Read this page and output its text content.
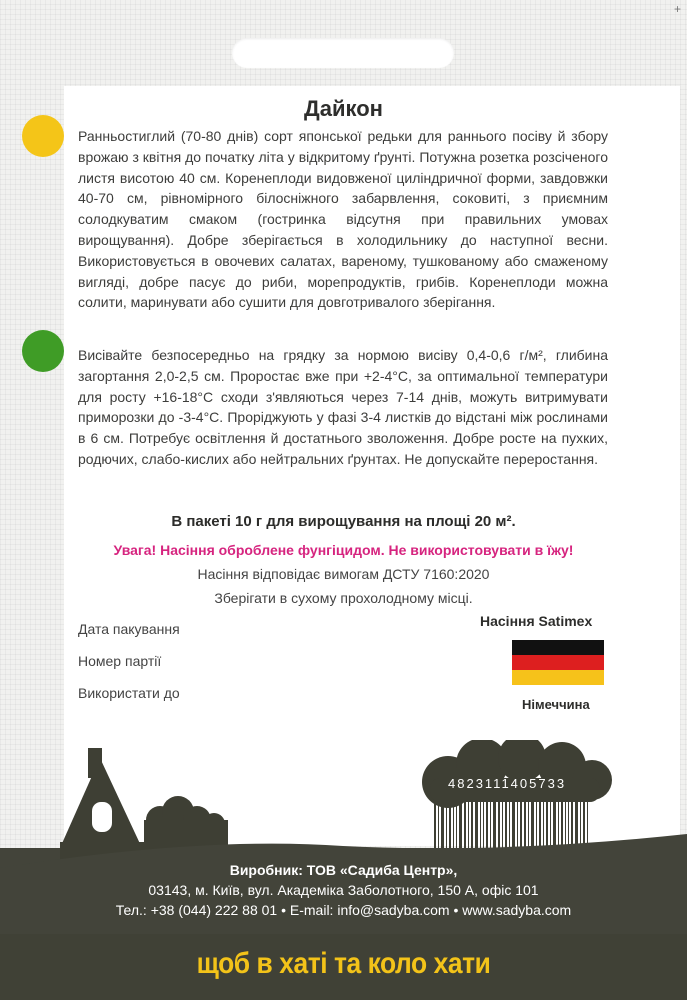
Дайкон
Ранньостиглий (70-80 днів) сорт японської редьки для раннього посіву й збору врожаю з квітня до початку літа у відкритому ґрунті. Потужна розетка розсіченого листя висотою 40 см. Коренеплоди видовженої циліндричної форми, завдовжки 40-70 см, рівномірного білосніжного забарвлення, соковиті, з приємним солодкуватим смаком (гостринка відсутня при правильних умовах вирощування). Добре зберігається в холодильнику до наступної весни. Використовується в овочевих салатах, вареному, тушкованому або смаженому вигляді, добре пасує до риби, морепродуктів, грибів. Коренеплоди можна солити, маринувати або сушити для довготривалого зберігання.
Висівайте безпосередньо на грядку за нормою висіву 0,4-0,6 г/м², глибина загортання 2,0-2,5 см. Проростає вже при +2-4°С, за оптимальної температури для росту +16-18°С сходи з'являються через 7-14 днів, можуть витримувати приморозки до -3-4°С. Проріджують у фазі 3-4 листків до відстані між рослинами в 6 см. Потребує освітлення й достатнього зволоження. Добре росте на пухких, родючих, слабо-кислих або нейтральних ґрунтах. Не допускайте переростання.
В пакеті 10 г для вирощування на площі 20 м².
Увага! Насіння оброблене фунгіцидом. Не використовувати в їжу!
Насіння відповідає вимогам ДСТУ 7160:2020
Зберігати в сухому прохолодному місці.
Дата пакування
Номер партії
Використати до
Насіння Satimex
Німеччина
4823111405733
Виробник: ТОВ «Садиба Центр»,
03143, м. Київ, вул. Академіка Заболотного, 150 А, офіс 101
Тел.: +38 (044) 222 88 01 • E-mail: info@sadyba.com • www.sadyba.com
щоб в хаті та коло хати
+
